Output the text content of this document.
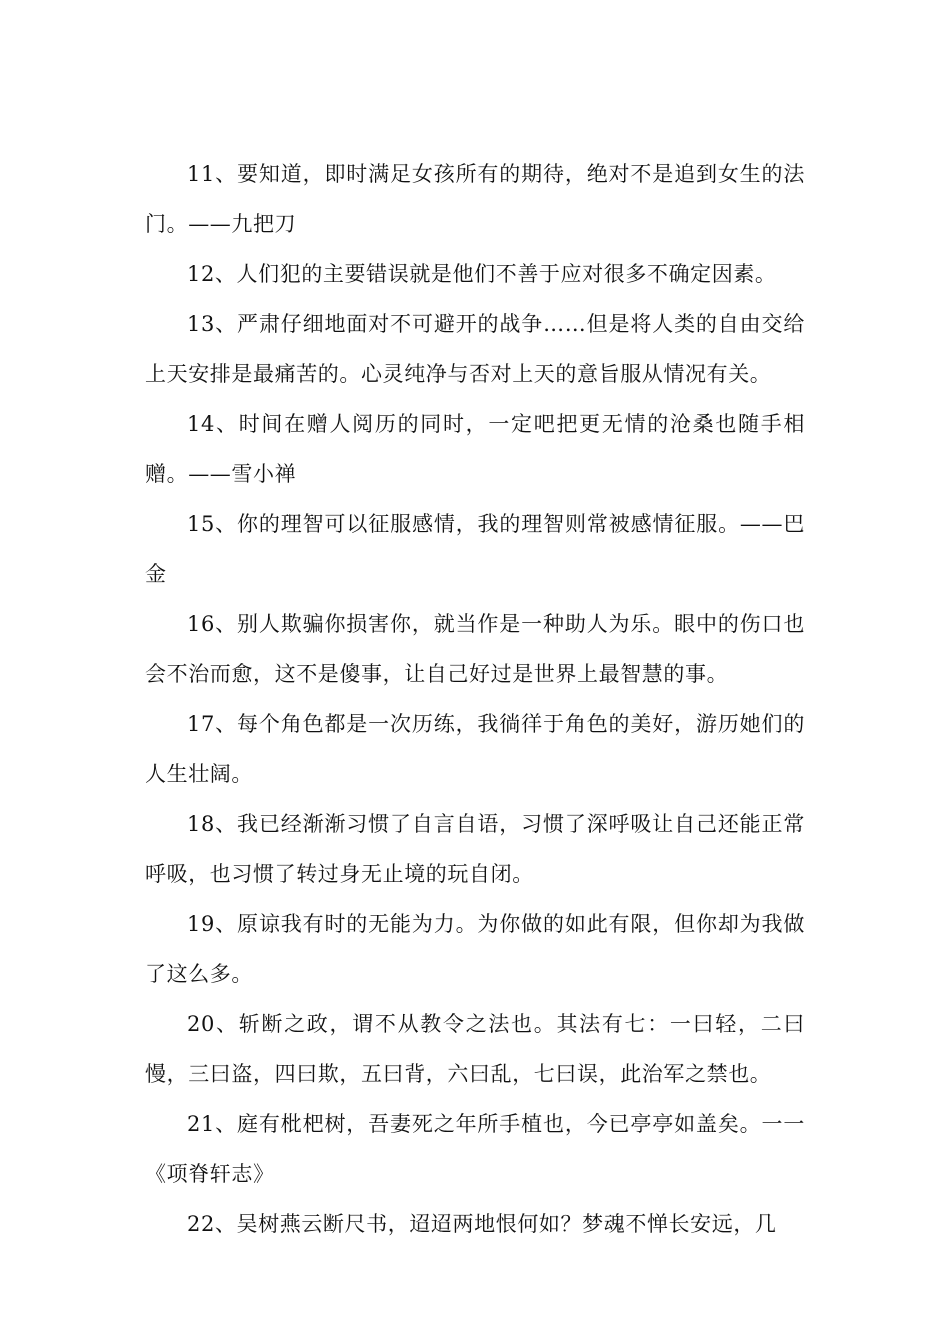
11、要知道，即时满足女孩所有的期待，绝对不是追到女生的法门。——九把刀

12、人们犯的主要错误就是他们不善于应对很多不确定因素。

13、严肃仔细地面对不可避开的战争……但是将人类的自由交给上天安排是最痛苦的。心灵纯净与否对上天的意旨服从情况有关。

14、时间在赠人阅历的同时，一定吧把更无情的沧桑也随手相赠。——雪小禅

15、你的理智可以征服感情，我的理智则常被感情征服。——巴金

16、别人欺骗你损害你，就当作是一种助人为乐。眼中的伤口也会不治而愈，这不是傻事，让自己好过是世界上最智慧的事。

17、每个角色都是一次历练，我徜徉于角色的美好，游历她们的人生壮阔。

18、我已经渐渐习惯了自言自语，习惯了深呼吸让自己还能正常呼吸，也习惯了转过身无止境的玩自闭。

19、原谅我有时的无能为力。为你做的如此有限，但你却为我做了这么多。

20、斩断之政，谓不从教令之法也。其法有七：一曰轻，二曰慢，三曰盗，四曰欺，五曰背，六曰乱，七曰误，此治军之禁也。

21、庭有枇杷树，吾妻死之年所手植也，今已亭亭如盖矣。一一《项脊轩志》

22、吴树燕云断尺书，迢迢两地恨何如？梦魂不惮长安远，几
